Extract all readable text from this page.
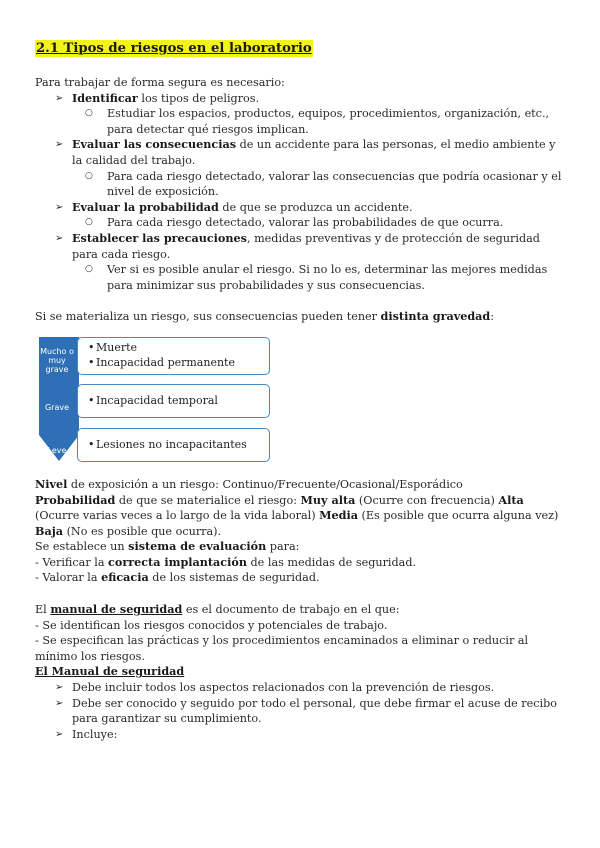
2.1 Tipos de riesgos en el laboratorio

Para trabajar de forma segura es necesario:

➢ Identificar los tipos de peligros.
○ Estudiar los espacios, productos, equipos, procedimientos, organización, etc., para detectar qué riesgos implican.
➢ Evaluar las consecuencias de un accidente para las personas, el medio ambiente y la calidad del trabajo.
○ Para cada riesgo detectado, valorar las consecuencias que podría ocasionar y el nivel de exposición.
➢ Evaluar la probabilidad de que se produzca un accidente.
○ Para cada riesgo detectado, valorar las probabilidades de que ocurra.
➢ Establecer las precauciones, medidas preventivas y de protección de seguridad para cada riesgo.
○ Ver si es posible anular el riesgo. Si no lo es, determinar las mejores medidas para minimizar sus probabilidades y sus consecuencias.

Si se materializa un riesgo, sus consecuencias pueden tener distinta gravedad:

Mucho o muy grave
Grave
Leve
• Muerte
• Incapacidad permanente
• Incapacidad temporal
• Lesiones no incapacitantes

Nivel de exposición a un riesgo: Continuo/Frecuente/Ocasional/Esporádico

Probabilidad de que se materialice el riesgo: Muy alta (Ocurre con frecuencia) Alta (Ocurre varias veces a lo largo de la vida laboral) Media (Es posible que ocurra alguna vez) Baja (No es posible que ocurra).

Se establece un sistema de evaluación para:

- Verificar la correcta implantación de las medidas de seguridad.

- Valorar la eficacia de los sistemas de seguridad.

El manual de seguridad es el documento de trabajo en el que:

- Se identifican los riesgos conocidos y potenciales de trabajo.

- Se especifican las prácticas y los procedimientos encaminados a eliminar o reducir al mínimo los riesgos.

El Manual de seguridad

➢ Debe incluir todos los aspectos relacionados con la prevención de riesgos.
➢ Debe ser conocido y seguido por todo el personal, que debe firmar el acuse de recibo para garantizar su cumplimiento.
➢ Incluye:
